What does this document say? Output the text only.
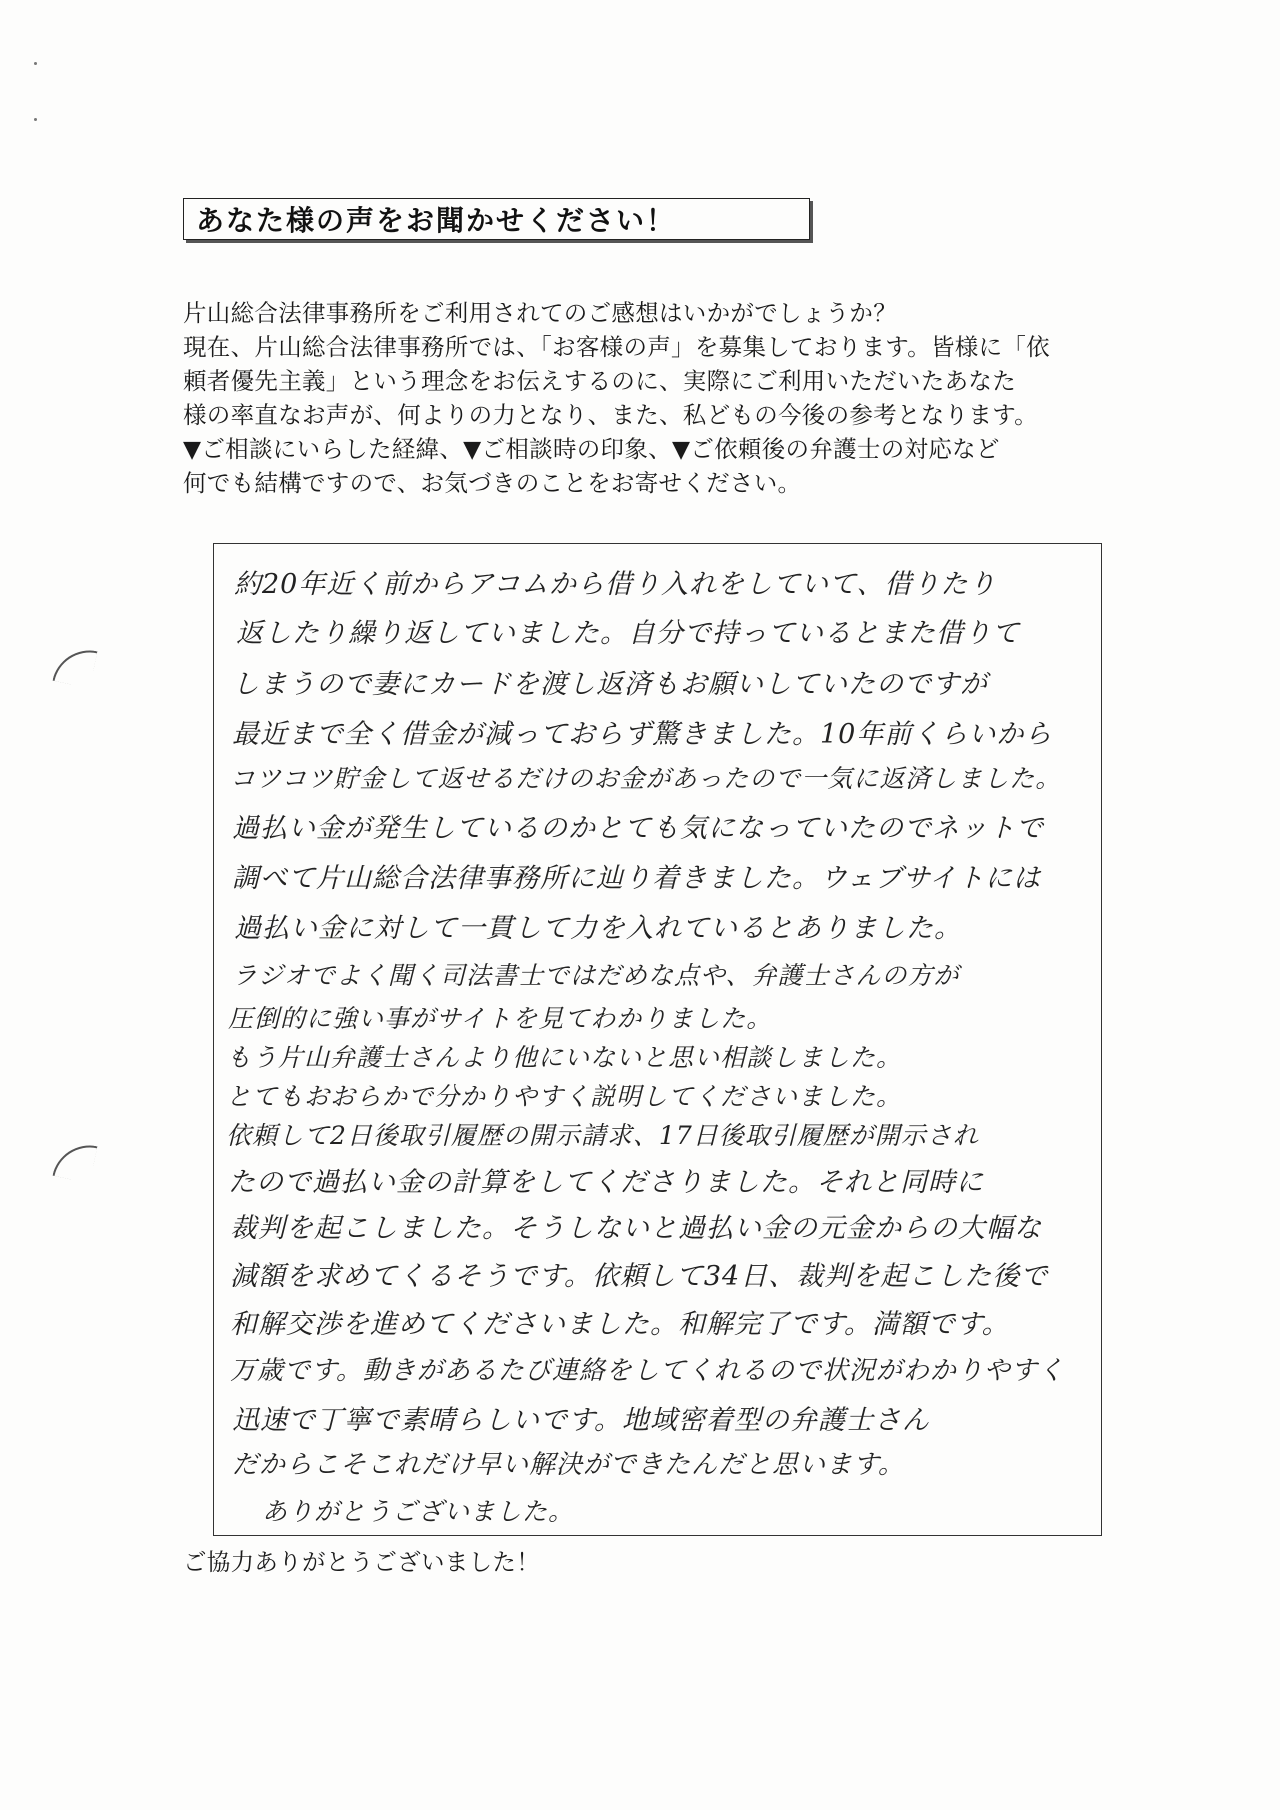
あなた様の声をお聞かせください！
片山総合法律事務所をご利用されてのご感想はいかがでしょうか？
現在、片山総合法律事務所では、「お客様の声」を募集しております。皆様に「依
頼者優先主義」という理念をお伝えするのに、実際にご利用いただいたあなた
様の率直なお声が、何よりの力となり、また、私どもの今後の参考となります。
▼ご相談にいらした経緯、▼ご相談時の印象、▼ご依頼後の弁護士の対応など
何でも結構ですので、お気づきのことをお寄せください。
約20年近く前からアコムから借り入れをしていて、借りたり
返したり繰り返していました。自分で持っているとまた借りて
しまうので妻にカードを渡し返済もお願いしていたのですが
最近まで全く借金が減っておらず驚きました。10年前くらいから
コツコツ貯金して返せるだけのお金があったので一気に返済しました。
過払い金が発生しているのかとても気になっていたのでネットで
調べて片山総合法律事務所に辿り着きました。ウェブサイトには
過払い金に対して一貫して力を入れているとありました。
ラジオでよく聞く司法書士ではだめな点や、弁護士さんの方が
圧倒的に強い事がサイトを見てわかりました。
もう片山弁護士さんより他にいないと思い相談しました。
とてもおおらかで分かりやすく説明してくださいました。
依頼して2日後取引履歴の開示請求、17日後取引履歴が開示され
たので過払い金の計算をしてくださりました。それと同時に
裁判を起こしました。そうしないと過払い金の元金からの大幅な
減額を求めてくるそうです。依頼して34日、裁判を起こした後で
和解交渉を進めてくださいました。和解完了です。満額です。
万歳です。動きがあるたび連絡をしてくれるので状況がわかりやすく
迅速で丁寧で素晴らしいです。地域密着型の弁護士さん
だからこそこれだけ早い解決ができたんだと思います。
ありがとうございました。
ご協力ありがとうございました！
